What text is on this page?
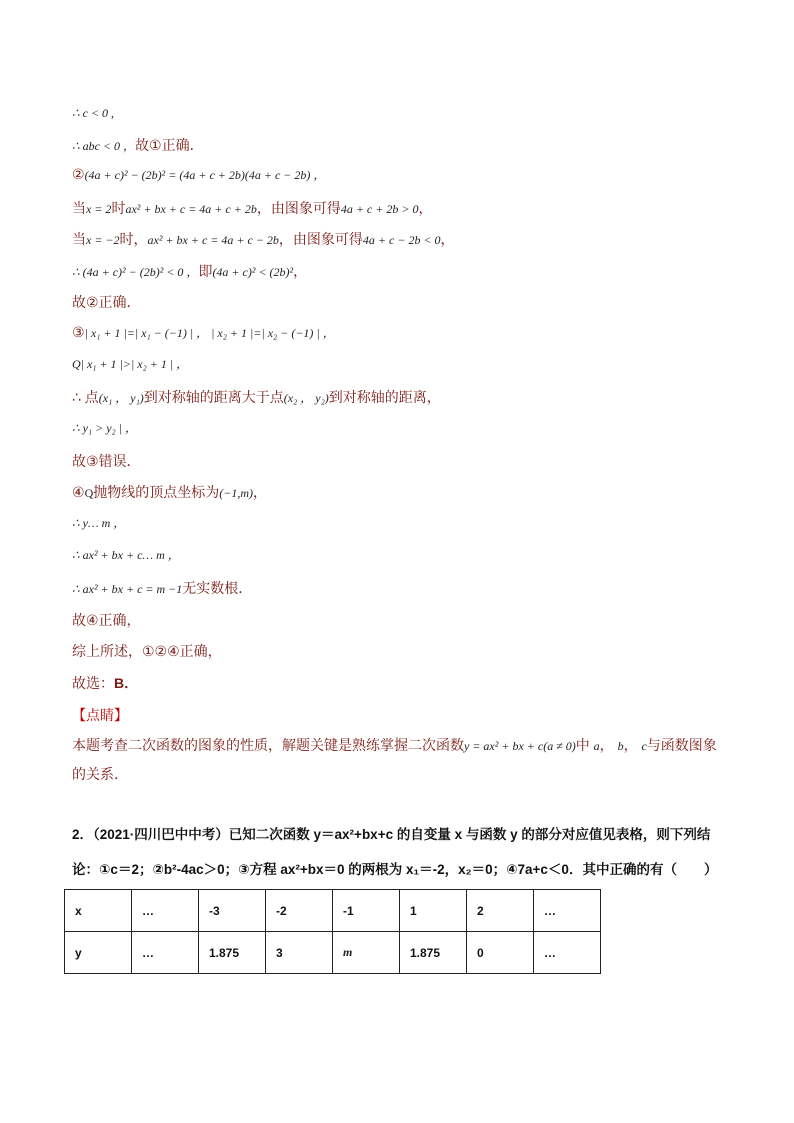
∴ c < 0 ,
∴ abc < 0 ，故①正确．
②(4a + c)² − (2b)² = (4a + c + 2b)(4a + c − 2b) ，
当x = 2时ax² + bx + c = 4a + c + 2b，由图象可得4a + c + 2b > 0，
当x = −2时，ax² + bx + c = 4a + c − 2b，由图象可得4a + c − 2b < 0，
∴ (4a + c)² − (2b)² < 0 ，即(4a + c)² < (2b)²，
故②正确．
③| x₁ + 1 |=| x₁ − (−1) | ， | x₂ + 1 |=| x₂ − (−1) | ，
Q| x₁ + 1 |>| x₂ + 1 | ，
∴ 点(x₁ ， y₁)到对称轴的距离大于点(x₂ ， y₂)到对称轴的距离，
∴ y₁ > y₂ | ，
故③错误．
④Q抛物线的顶点坐标为(−1,m)，
∴ y… m ，
∴ ax² + bx + c… m ，
∴ ax² + bx + c = m −1无实数根．
故④正确，
综上所述，①②④正确，
故选：B．
【点睛】
本题考查二次函数的图象的性质，解题关键是熟练掌握二次函数y = ax² + bx + c(a ≠ 0)中 a， b， c与函数图象的关系．
2．（2021·四川巴中中考）已知二次函数 y＝ax²+bx+c 的自变量 x 与函数 y 的部分对应值见表格，则下列结
论：①c＝2；②b²-4ac＞0；③方程 ax²+bx＝0 的两根为 x₁＝-2，x₂＝0；④7a+c＜0．其中正确的有（　　）
x	…	-3	-2	-1	1	2	…
y	…	1.875	3	m	1.875	0	…
